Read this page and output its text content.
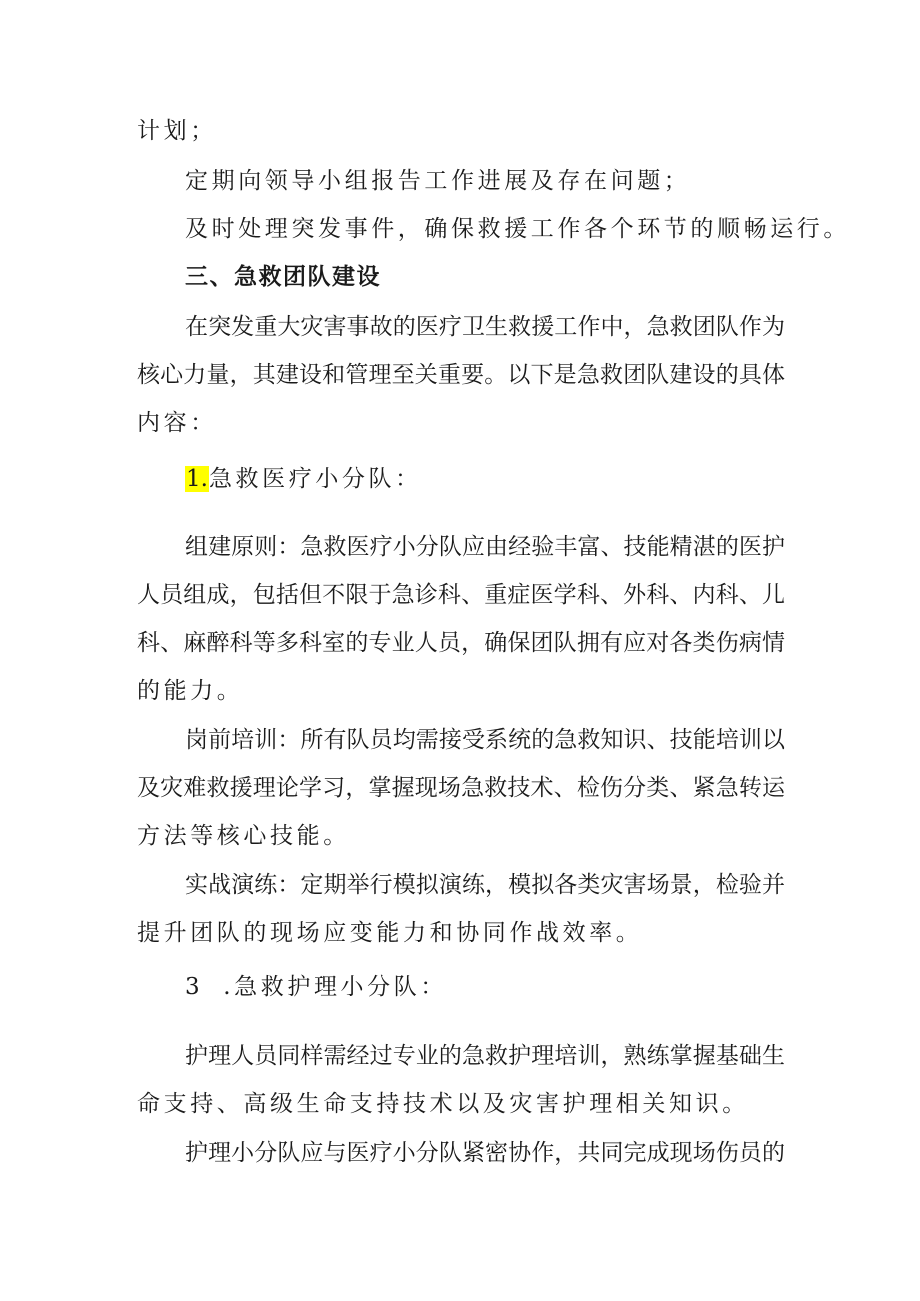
计划；
定期向领导小组报告工作进展及存在问题；
及时处理突发事件，确保救援工作各个环节的顺畅运行。
三、急救团队建设
在突发重大灾害事故的医疗卫生救援工作中，急救团队作为
核心力量，其建设和管理至关重要。以下是急救团队建设的具体
内容：
1.急救医疗小分队：
组建原则：急救医疗小分队应由经验丰富、技能精湛的医护
人员组成，包括但不限于急诊科、重症医学科、外科、内科、儿
科、麻醉科等多科室的专业人员，确保团队拥有应对各类伤病情
的能力。
岗前培训：所有队员均需接受系统的急救知识、技能培训以
及灾难救援理论学习，掌握现场急救技术、检伤分类、紧急转运
方法等核心技能。
实战演练：定期举行模拟演练，模拟各类灾害场景，检验并
提升团队的现场应变能力和协同作战效率。
3 .急救护理小分队：
护理人员同样需经过专业的急救护理培训，熟练掌握基础生
命支持、高级生命支持技术以及灾害护理相关知识。
护理小分队应与医疗小分队紧密协作，共同完成现场伤员的
